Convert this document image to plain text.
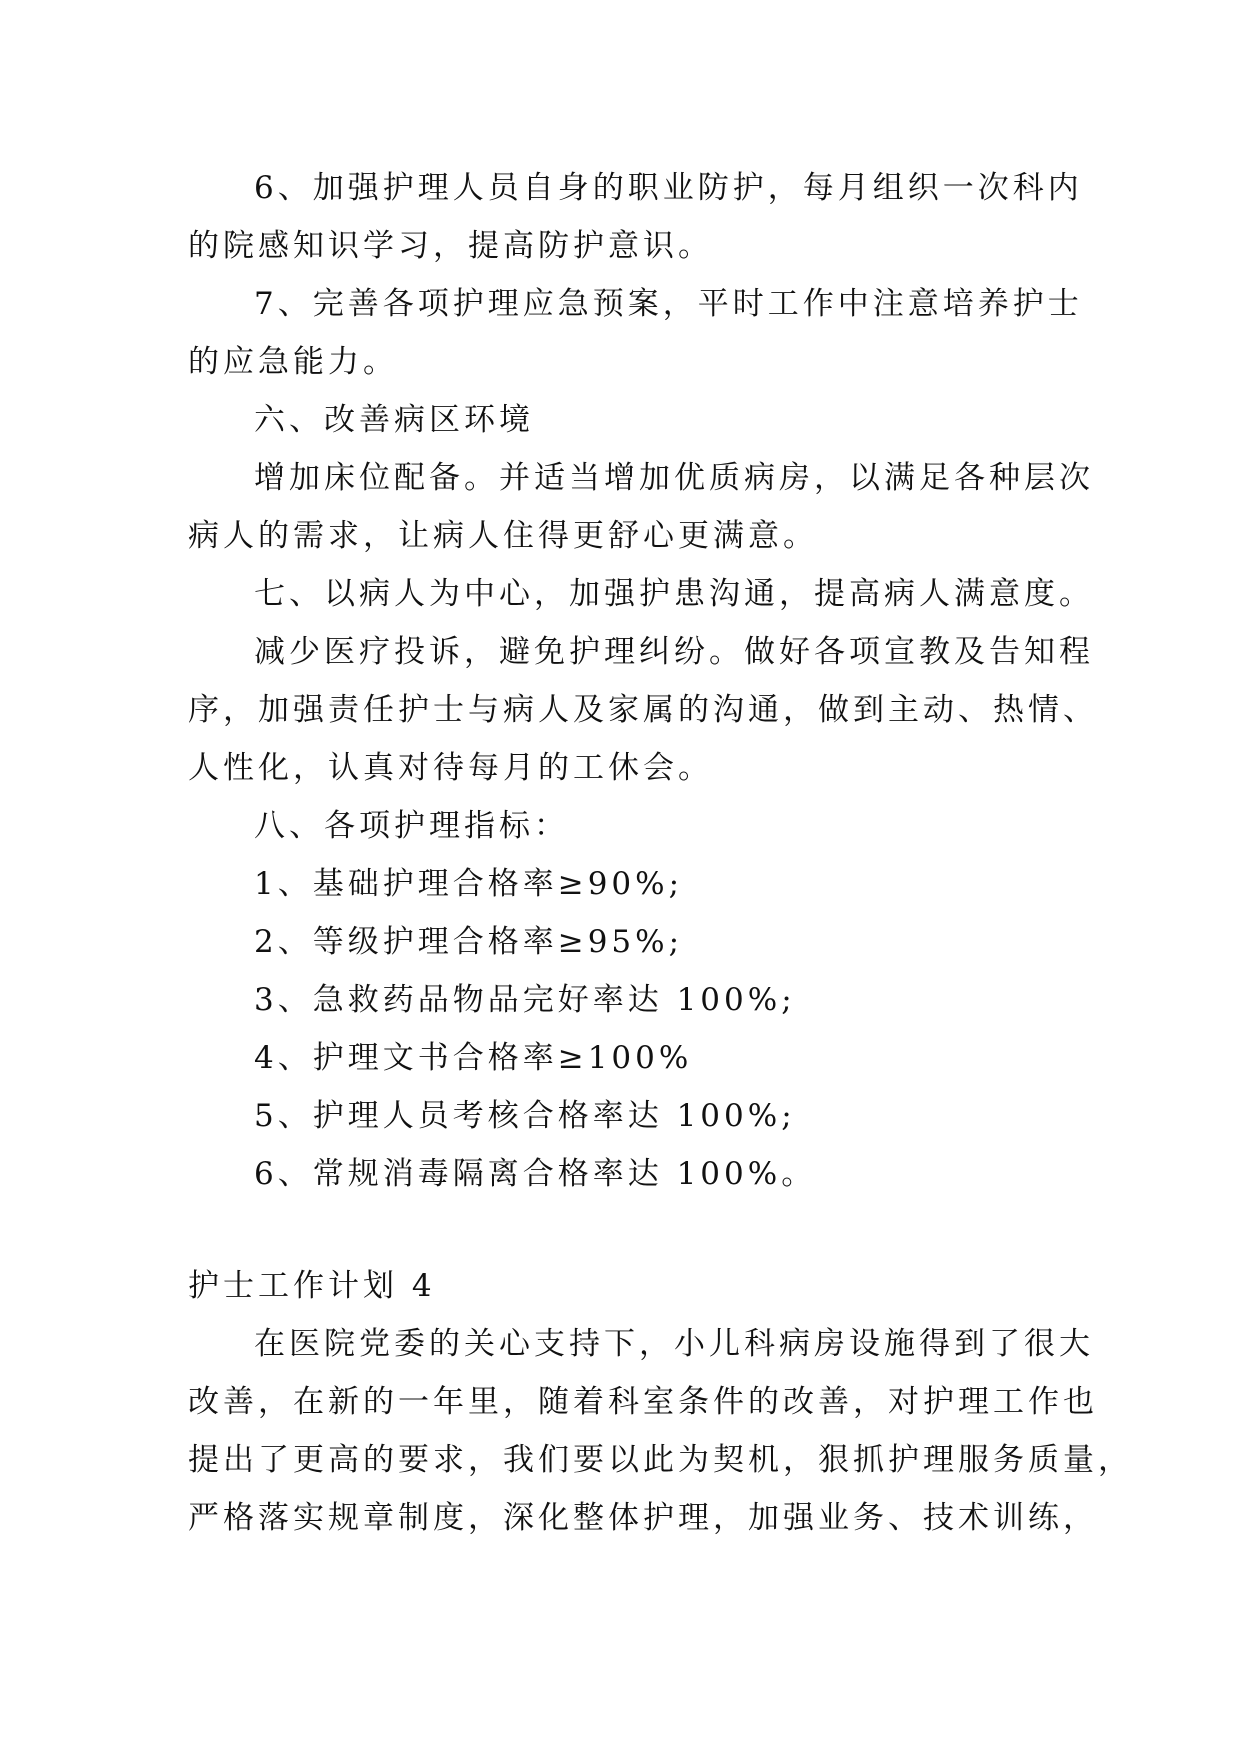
6、加强护理人员自身的职业防护，每月组织一次科内
的院感知识学习，提高防护意识。
7、完善各项护理应急预案，平时工作中注意培养护士
的应急能力。
六、改善病区环境
增加床位配备。并适当增加优质病房，以满足各种层次
病人的需求，让病人住得更舒心更满意。
七、以病人为中心，加强护患沟通，提高病人满意度。
减少医疗投诉，避免护理纠纷。做好各项宣教及告知程
序，加强责任护士与病人及家属的沟通，做到主动、热情、
人性化，认真对待每月的工休会。
八、各项护理指标：
1、基础护理合格率≥90%;
2、等级护理合格率≥95%;
3、急救药品物品完好率达 100%;
4、护理文书合格率≥100%
5、护理人员考核合格率达 100%;
6、常规消毒隔离合格率达 100%。
护士工作计划 4
在医院党委的关心支持下，小儿科病房设施得到了很大
改善，在新的一年里，随着科室条件的改善，对护理工作也
提出了更高的要求，我们要以此为契机，狠抓护理服务质量，
严格落实规章制度，深化整体护理，加强业务、技术训练，
